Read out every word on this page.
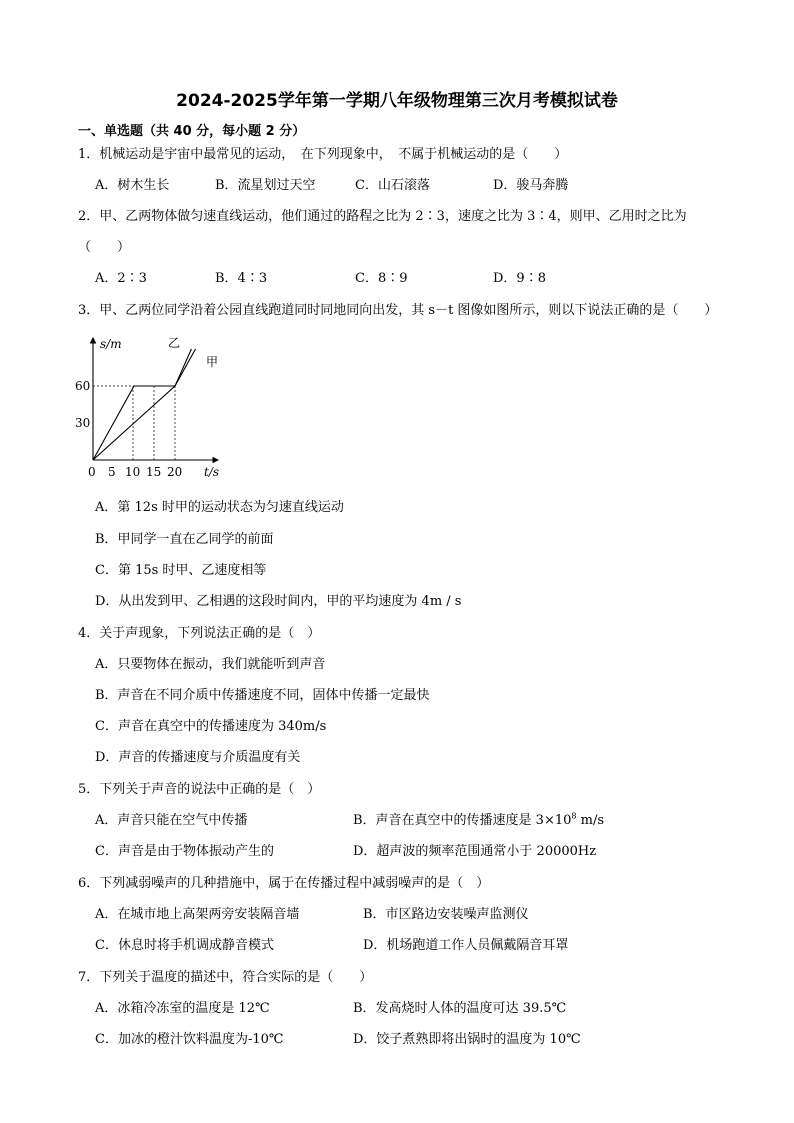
2024-2025学年第一学期八年级物理第三次月考模拟试卷
一、单选题（共 40 分，每小题 2 分）
1．机械运动是宇宙中最常见的运动，　在下列现象中，　不属于机械运动的是（　　）
A．树木生长	B．流星划过天空	C．山石滚落	D．骏马奔腾
2．甲、乙两物体做匀速直线运动，他们通过的路程之比为 2∶3，速度之比为 3∶4，则甲、乙用时之比为
（　　）
A．2∶3	B．4∶3	C．8∶9	D．9∶8
3．甲、乙两位同学沿着公园直线跑道同时同地同向出发，其 s－t 图像如图所示，则以下说法正确的是（　　）
s/m
t/s
30
60
0 5 10 15 20
乙
甲
A．第 12s 时甲的运动状态为匀速直线运动
B．甲同学一直在乙同学的前面
C．第 15s 时甲、乙速度相等
D．从出发到甲、乙相遇的这段时间内，甲的平均速度为 4m / s
4．关于声现象，下列说法正确的是（　）
A．只要物体在振动，我们就能听到声音
B．声音在不同介质中传播速度不同，固体中传播一定最快
C．声音在真空中的传播速度为 340m/s
D．声音的传播速度与介质温度有关
5．下列关于声音的说法中正确的是（　）
A．声音只能在空气中传播	B．声音在真空中的传播速度是 $3\times 10^8$ m/s
C．声音是由于物体振动产生的	D．超声波的频率范围通常小于 20000Hz
6．下列减弱噪声的几种措施中，属于在传播过程中减弱噪声的是（　）
A．在城市地上高架两旁安装隔音墙	B．市区路边安装噪声监测仪
C．休息时将手机调成静音模式	D．机场跑道工作人员佩戴隔音耳罩
7．下列关于温度的描述中，符合实际的是（　　）
A．冰箱冷冻室的温度是 12℃	B．发高烧时人体的温度可达 39.5℃
C．加冰的橙汁饮料温度为-10℃	D．饺子煮熟即将出锅时的温度为 10℃
